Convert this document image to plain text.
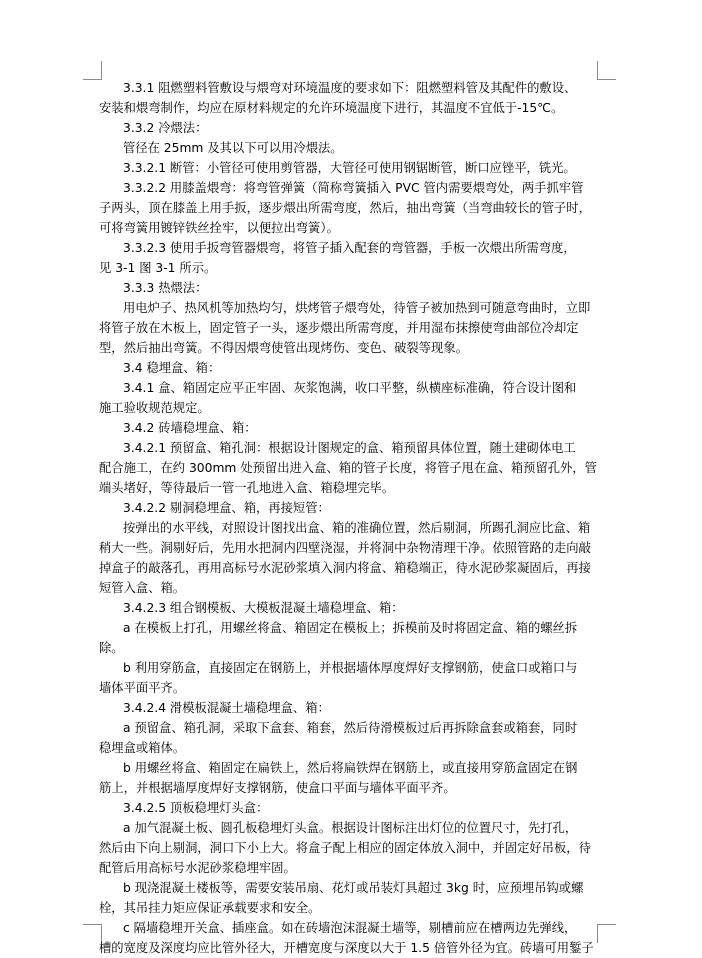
3.3.1 阻燃塑料管敷设与煨弯对环境温度的要求如下：阻燃塑料管及其配件的敷设、
安装和煨弯制作，均应在原材料规定的允许环境温度下进行，其温度不宜低于-15℃。
3.3.2 冷煨法：
管径在 25mm 及其以下可以用冷煨法。
3.3.2.1 断管：小管径可使用剪管器，大管径可使用钢锯断管，断口应锉平，铣光。
3.3.2.2 用膝盖煨弯：将弯管弹簧（简称弯簧插入 PVC 管内需要煨弯处，两手抓牢管
子两头，顶在膝盖上用手扳，逐步煨出所需弯度，然后，抽出弯簧（当弯曲较长的管子时，
可将弯簧用镀锌铁丝拴牢，以便拉出弯簧）。
3.3.2.3 使用手扳弯管器煨弯，将管子插入配套的弯管器，手板一次煨出所需弯度，
见 3-1 图 3-1 所示。
3.3.3 热煨法：
用电炉子、热风机等加热均匀，烘烤管子煨弯处，待管子被加热到可随意弯曲时，立即
将管子放在木板上，固定管子一头，逐步煨出所需弯度，并用湿布抹擦使弯曲部位冷却定
型，然后抽出弯簧。不得因煨弯使管出现烤伤、变色、破裂等现象。
3.4 稳埋盒、箱：
3.4.1 盒、箱固定应平正牢固、灰浆饱满，收口平整，纵横座标准确，符合设计图和
施工验收规范规定。
3.4.2 砖墙稳埋盒、箱：
3.4.2.1 预留盒、箱孔洞：根据设计图规定的盒、箱预留具体位置，随土建砌体电工
配合施工，在约 300mm 处预留出进入盒、箱的管子长度，将管子甩在盒、箱预留孔外，管
端头堵好，等待最后一管一孔地进入盒、箱稳埋完毕。
3.4.2.2 剔洞稳埋盒、箱，再接短管：
按弹出的水平线，对照设计图找出盒、箱的准确位置，然后剔洞，所踢孔洞应比盒、箱
稍大一些。洞剔好后，先用水把洞内四壁浇湿，并将洞中杂物清理干净。依照管路的走向敲
掉盒子的敲落孔，再用高标号水泥砂浆填入洞内将盒、箱稳端正，待水泥砂浆凝固后，再接
短管入盒、箱。
3.4.2.3 组合钢模板、大模板混凝土墙稳埋盒、箱：
a 在模板上打孔，用螺丝将盒、箱固定在模板上；拆模前及时将固定盒、箱的螺丝拆
除。
b 利用穿筋盒，直接固定在钢筋上，并根据墙体厚度焊好支撑钢筋，使盒口或箱口与
墙体平面平齐。
3.4.2.4 滑模板混凝土墙稳埋盒、箱：
a 预留盒、箱孔洞，采取下盒套、箱套，然后待滑模板过后再拆除盒套或箱套，同时
稳埋盒或箱体。
b 用螺丝将盒、箱固定在扁铁上，然后将扁铁焊在钢筋上，或直接用穿筋盒固定在钢
筋上，并根据墙厚度焊好支撑钢筋，使盒口平面与墙体平面平齐。
3.4.2.5 顶板稳埋灯头盒：
a 加气混凝土板、圆孔板稳埋灯头盒。根据设计图标注出灯位的位置尺寸，先打孔，
然后由下向上剔洞，洞口下小上大。将盒子配上相应的固定体放入洞中，并固定好吊板，待
配管后用高标号水泥砂浆稳埋牢固。
b 现浇混凝土楼板等，需要安装吊扇、花灯或吊装灯具超过 3kg 时，应预埋吊钩或螺
栓，其吊挂力矩应保证承载要求和安全。
c 隔墙稳埋开关盒、插座盒。如在砖墙泡沫混凝土墙等，剔槽前应在槽两边先弹线，
槽的宽度及深度均应比管外径大，开槽宽度与深度以大于 1.5 倍管外径为宜。砖墙可用錾子
